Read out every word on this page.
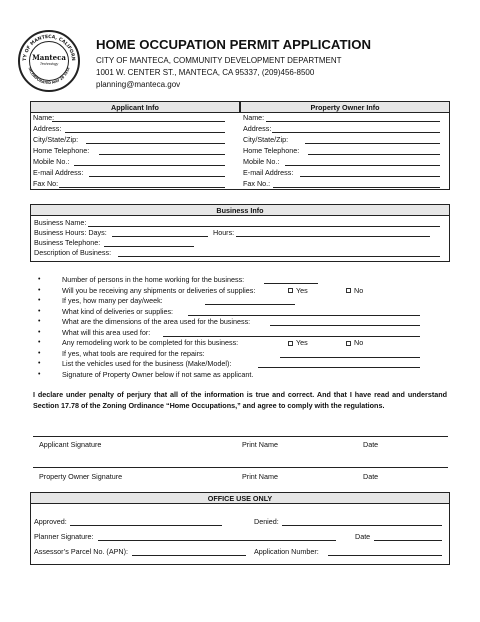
TY OF MANTECA, CALIFORN
INCORPORATED MAY 28 1918
Manteca
Technology
HOME OCCUPATION PERMIT APPLICATION
CITY OF MANTECA, COMMUNITY DEVELOPMENT DEPARTMENT
1001 W. CENTER ST., MANTECA, CA 95337, (209)456-8500
planning@manteca.gov
Applicant Info	Property Owner Info
Name:
Address:
City/State/Zip:
Home Telephone:
Mobile No.:
E-mail Address:
Fax No:
Name:
Address:
City/State/Zip:
Home Telephone:
Mobile No.:
E-mail Address:
Fax No.:
Business Info
Business Name:
Business Hours: Days:	Hours:
Business Telephone:
Description of Business:
•	Number of persons in the home working for the business:
•	Will you be receiving any shipments or deliveries of supplies:	Yes	No
•	If yes, how many per day/week:
•	What kind of deliveries or supplies:
•	What are the dimensions of the area used for the business:
•	What will this area used for:
•	Any remodeling work to be completed for this business:	Yes	No
•	If yes, what tools are required for the repairs:
•	List the vehicles used for the business (Make/Model):
•	Signature of Property Owner below if not same as applicant.
I declare under penalty of perjury that all of the information is true and correct. And that I have read and understand Section 17.78 of the Zoning Ordinance “Home Occupations,” and agree to comply with the regulations.
Applicant Signature	Print Name	Date
Property Owner Signature	Print Name	Date
OFFICE USE ONLY
Approved:	Denied:
Planner Signature:	Date
Assessor’s Parcel No. (APN):	Application Number:
